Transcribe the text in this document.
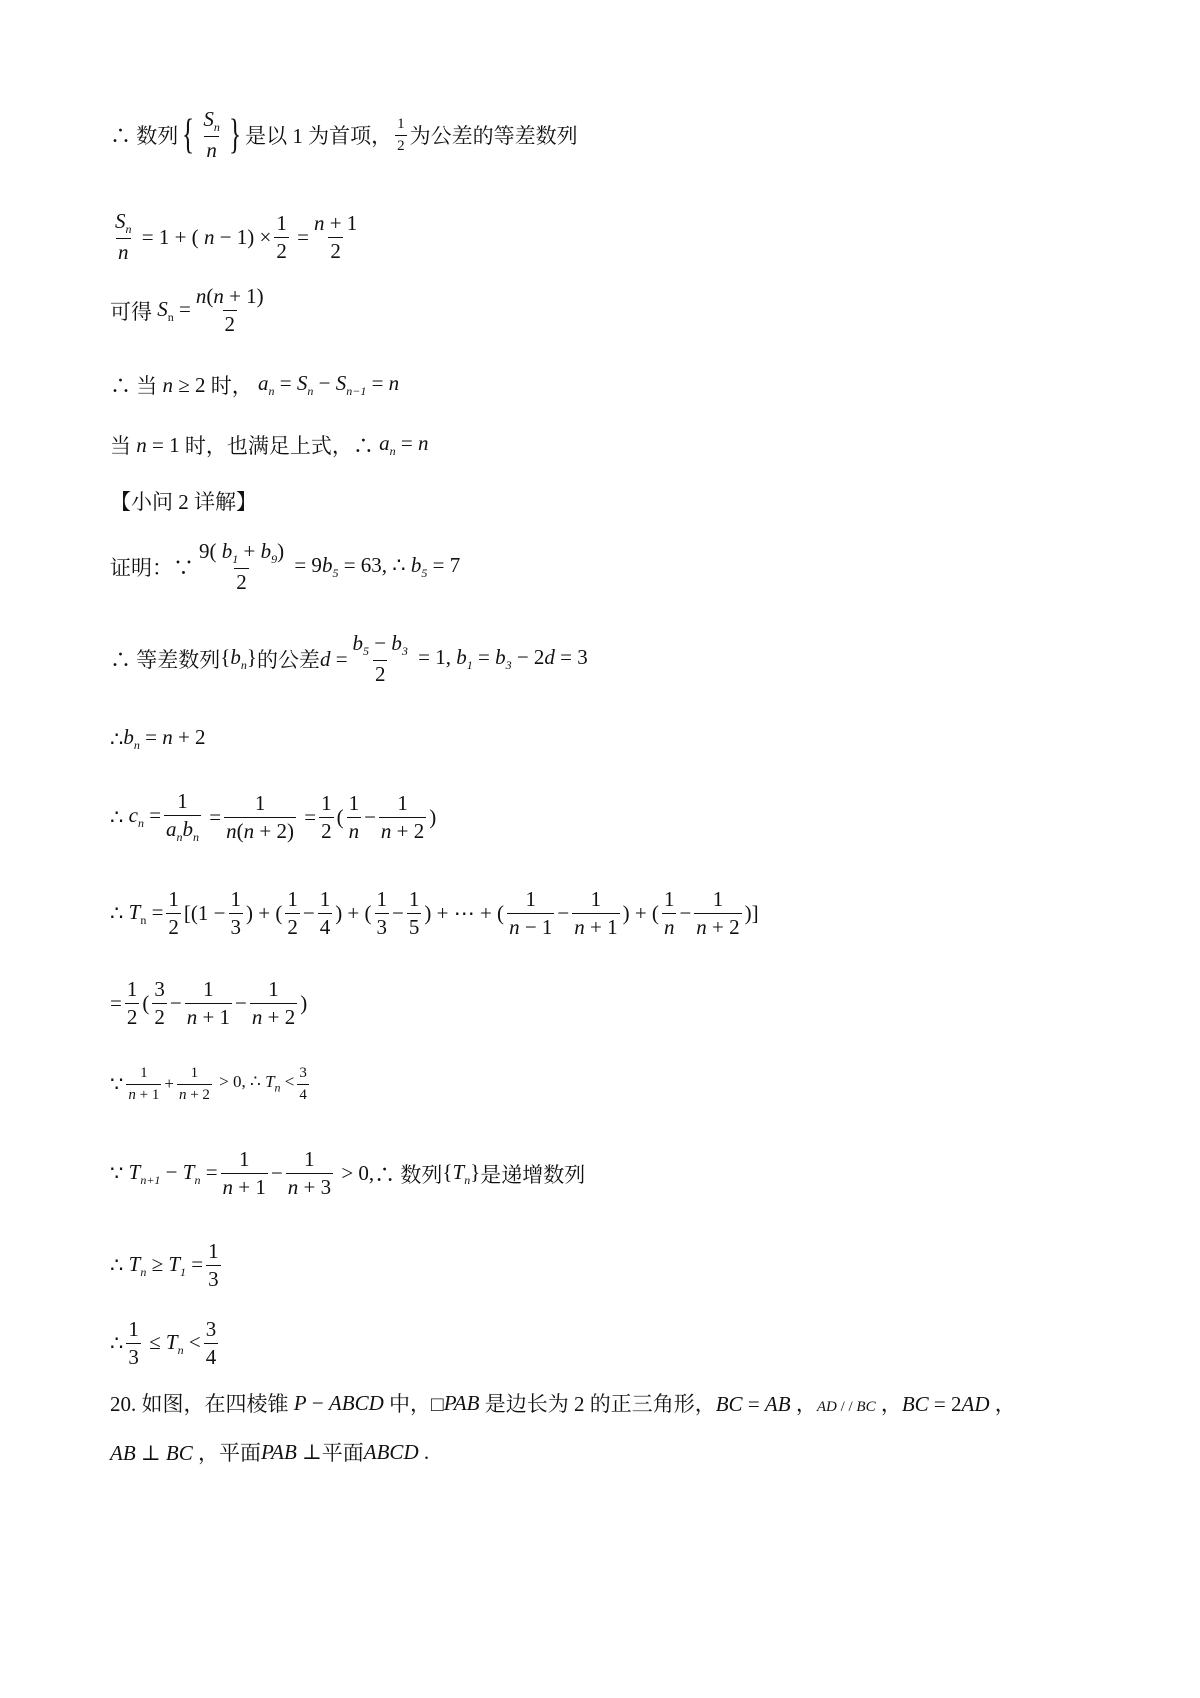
∴ 数列 { $\frac{S_n}{n}$ } 是以 1 为首项， $\frac{1}{2}$ 为公差的等差数列
$\frac{S_n}{n} = 1$ + ( $n - 1) \times \frac{1}{2} = \frac{n + 1}{2}$
可得 $S_n = \frac{n(n + 1)}{2}$
∴ 当 n ≥ 2 时， $a_n = S_n - S_{n-1} = n$
当 n = 1 时，也满足上式，∴ $a_n = n$
【小问 2 详解】
证明：∵ $\frac{9( b_1 + b_9)}{2} = 9b_5 = 63$, ∴ $b_5 = 7$
∴ 等差数列 $\{b_n\}$ 的公差 $d = \frac{b_5 - b_3}{2} = 1$, $b_1 = b_3 - 2d = 3$
∴ $b_n = n + 2$
∴ $c_n = \frac{1}{a_nb_n} = \frac{1}{n(n + 2)} = \frac{1}{2}$ ( $\frac{1}{n} - \frac{1}{n + 2}$ )
∴ $T_n = \frac{1}{2} [(1 - \frac{1}{3}$ ) + ( $\frac{1}{2} - \frac{1}{4}$ ) + ( $\frac{1}{3} - \frac{1}{5}$ ) + ⋯ + ( $\frac{1}{n - 1} - \frac{1}{n + 1}$ ) + ( $\frac{1}{n} - \frac{1}{n + 2}$ )]
= $\frac{1}{2}$ ( $\frac{3}{2} - \frac{1}{n + 1} - \frac{1}{n + 2}$ )
∵ $\frac{1}{n + 1} + \frac{1}{n + 2} > 0$, ∴ $T_n < \frac{3}{4}$
∵ $T_{n+1} - T_n = \frac{1}{n + 1} - \frac{1}{n + 3} > 0$, ∴ 数列 $\{T_n\}$ 是递增数列
∴ $T_n \ge T_1 = \frac{1}{3}$
∴ $\frac{1}{3} \le T_n < \frac{3}{4}$
20. 如图，在四棱锥 P − ABCD 中，□ PAB 是边长为 2 的正三角形， BC = AB ，AD / / BC ，BC = 2AD ，
AB ⊥ BC ， 平面 PAB ⊥ 平面 ABCD .
